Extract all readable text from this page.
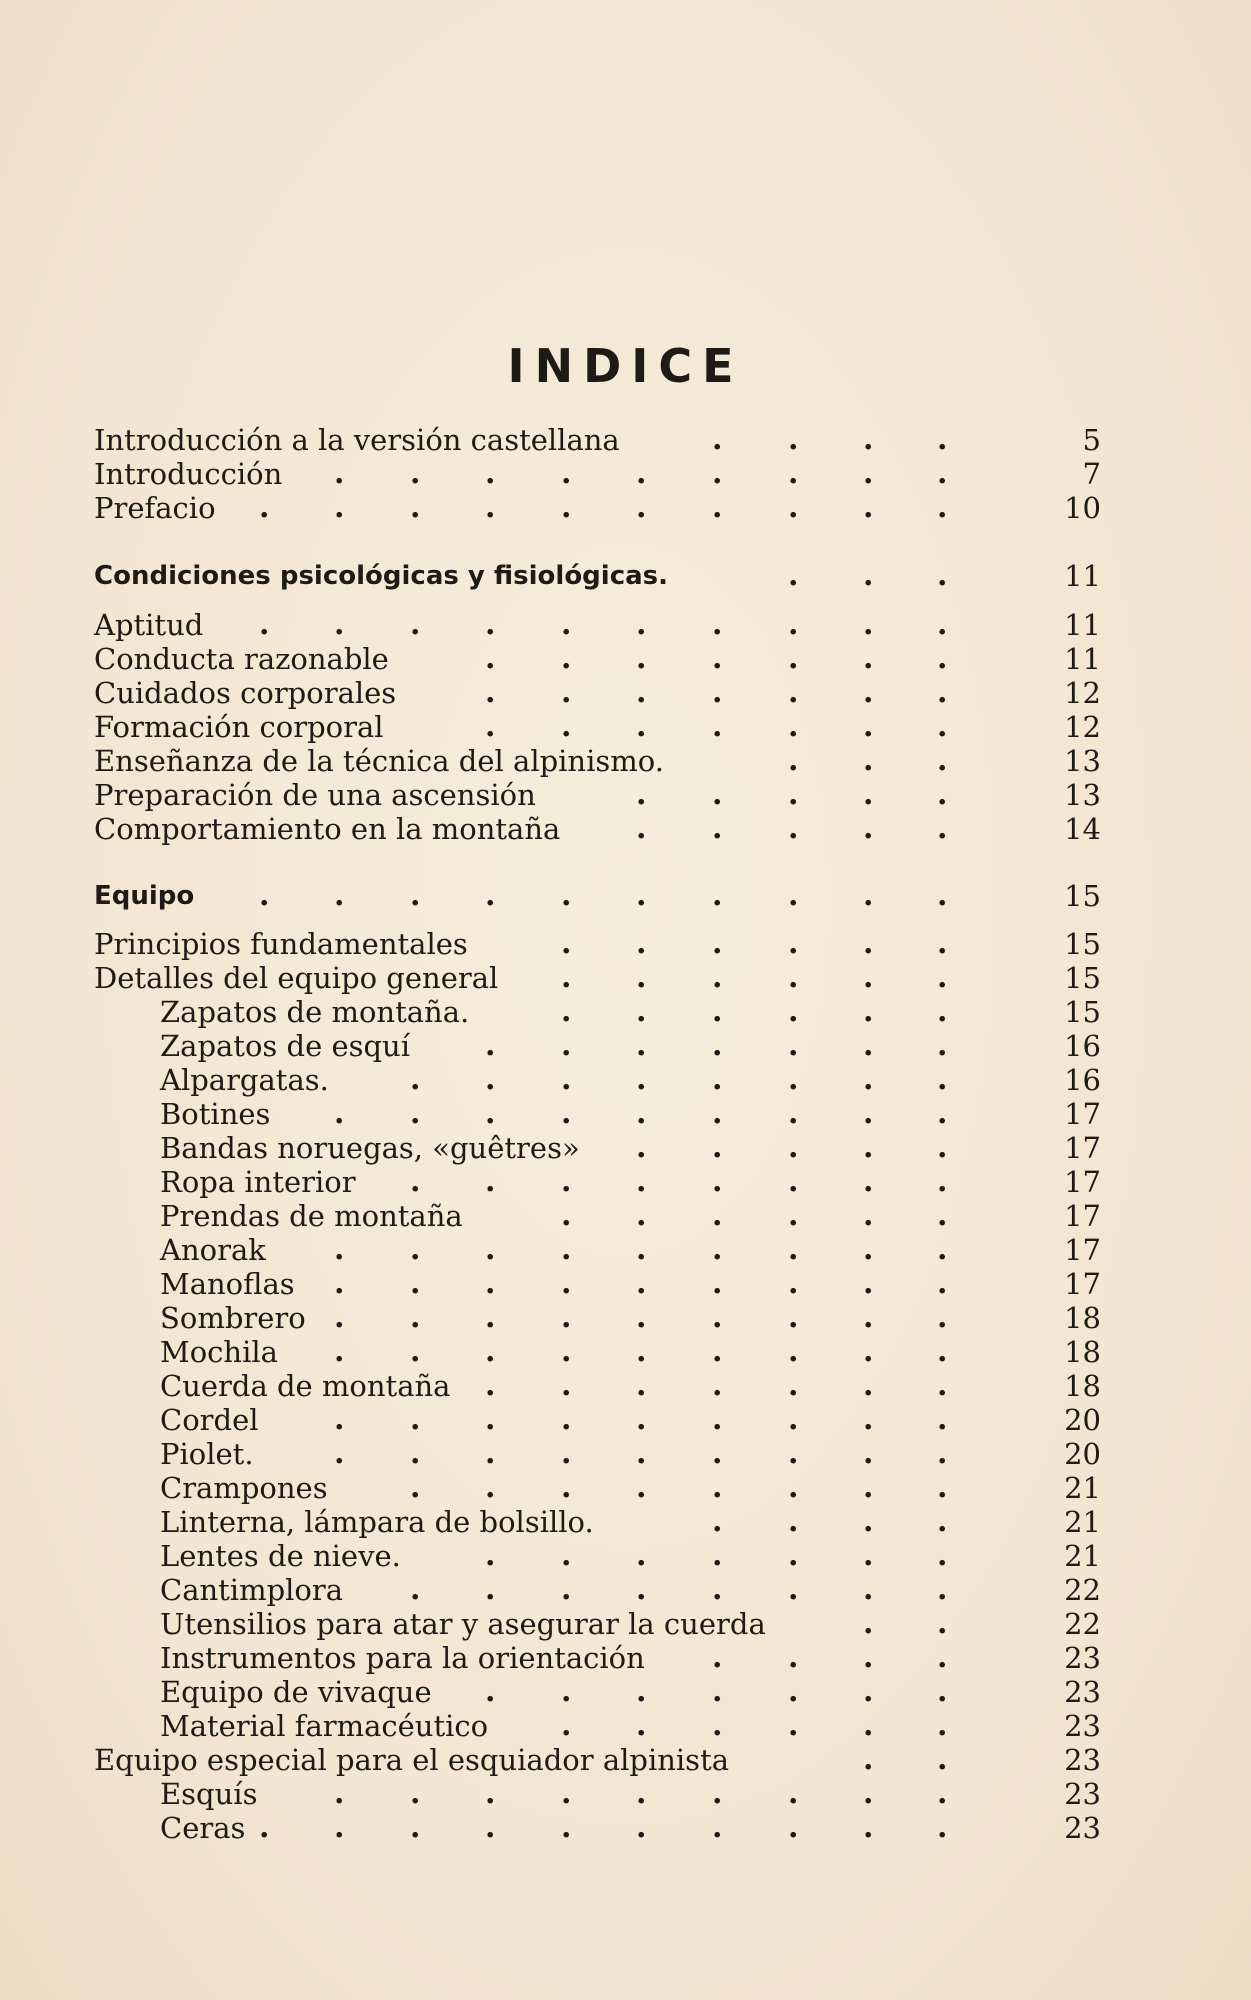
INDICE
Introducción a la versión castellana	. . . .	5
Introducción . . . . . . . . .	7
Prefacio . . . . . . . . . .	10
Condiciones psicológicas y fisiológicas.	. . .	11
Aptitud . . . . . . . . . .	11
Conducta razonable	. . . . . . .	11
Cuidados corporales	. . . . . . .	12
Formación corporal	. . . . . . .	12
Enseñanza de la técnica del alpinismo.	. . .	13
Preparación de una ascensión	. . . . .	13
Comportamiento en la montaña	. . . . .	14
Equipo . . . . . . . . . .	15
Principios fundamentales	. . . . . .	15
Detalles del equipo general . . . . . .	15
Zapatos de montaña.	. . . . . .	15
Zapatos de esquí . . . . . . .	16
Alpargatas.	. . . . . . . .	16
Botines . . . . . . . . .	17
Bandas noruegas, «guêtres» . . . . .	17
Ropa interior . . . . . . . .	17
Prendas de montaña	. . . . . .	17
Anorak . . . . . . . . .	17
Manoflas . . . . . . . . .	17
Sombrero . . . . . . . . .	18
Mochila . . . . . . . . .	18
Cuerda de montaña . . . . . . .	18
Cordel	. . . . . . . . .	20
Piolet.	. . . . . . . . .	20
Crampones	. . . . . . . .	21
Linterna, lámpara de bolsillo.	. . . .	21
Lentes de nieve.	. . . . . . .	21
Cantimplora . . . . . . . .	22
Utensilios para atar y asegurar la cuerda	. .	22
Instrumentos para la orientación . . . .	23
Equipo de vivaque . . . . . . .	23
Material farmacéutico . . . . . .	23
Equipo especial para el esquiador alpinista	. .	23
Esquís	. . . . . . . . .	23
Ceras . . . . . . . . . .	23
